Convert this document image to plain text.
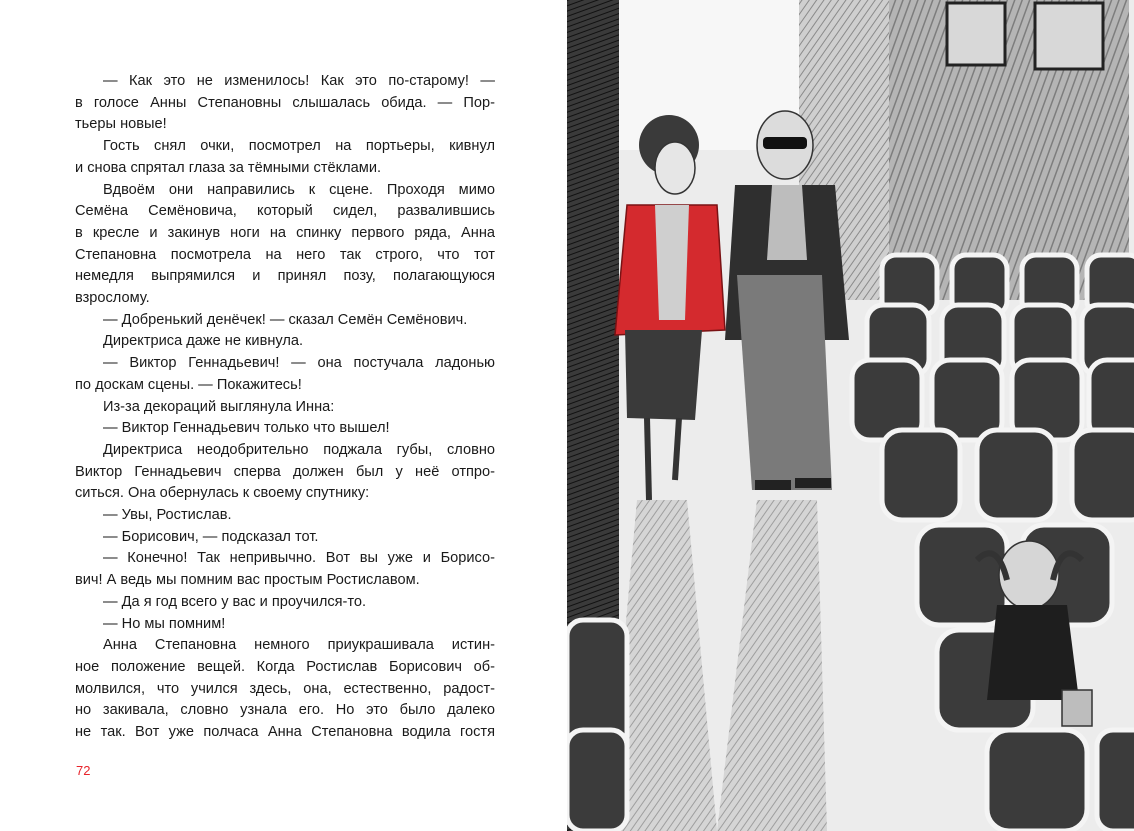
— Как это не изменилось! Как это по-старому! —
в голосе Анны Степановны слышалась обида. — Пор-
тьеры новые!
Гость снял очки, посмотрел на портьеры, кивнул
и снова спрятал глаза за тёмными стёклами.
Вдвоём они направились к сцене. Проходя мимо
Семёна Семёновича, который сидел, развалившись
в кресле и закинув ноги на спинку первого ряда, Анна
Степановна посмотрела на него так строго, что тот
немедля выпрямился и принял позу, полагающуюся
взрослому.
— Добренький денёчек! — сказал Семён Семёнович.
Директриса даже не кивнула.
— Виктор Геннадьевич! — она постучала ладонью
по доскам сцены. — Покажитесь!
Из-за декораций выглянула Инна:
— Виктор Геннадьевич только что вышел!
Директриса неодобрительно поджала губы, словно
Виктор Геннадьевич сперва должен был у неё отпро-
ситься. Она обернулась к своему спутнику:
— Увы, Ростислав.
— Борисович, — подсказал тот.
— Конечно! Так непривычно. Вот вы уже и Борисо-
вич! А ведь мы помним вас простым Ростиславом.
— Да я год всего у вас и проучился-то.
— Но мы помним!
Анна Степановна немного приукрашивала истин-
ное положение вещей. Когда Ростислав Борисович об-
молвился, что учился здесь, она, естественно, радост-
но закивала, словно узнала его. Но это было далеко
не так. Вот уже полчаса Анна Степановна водила гостя
72
